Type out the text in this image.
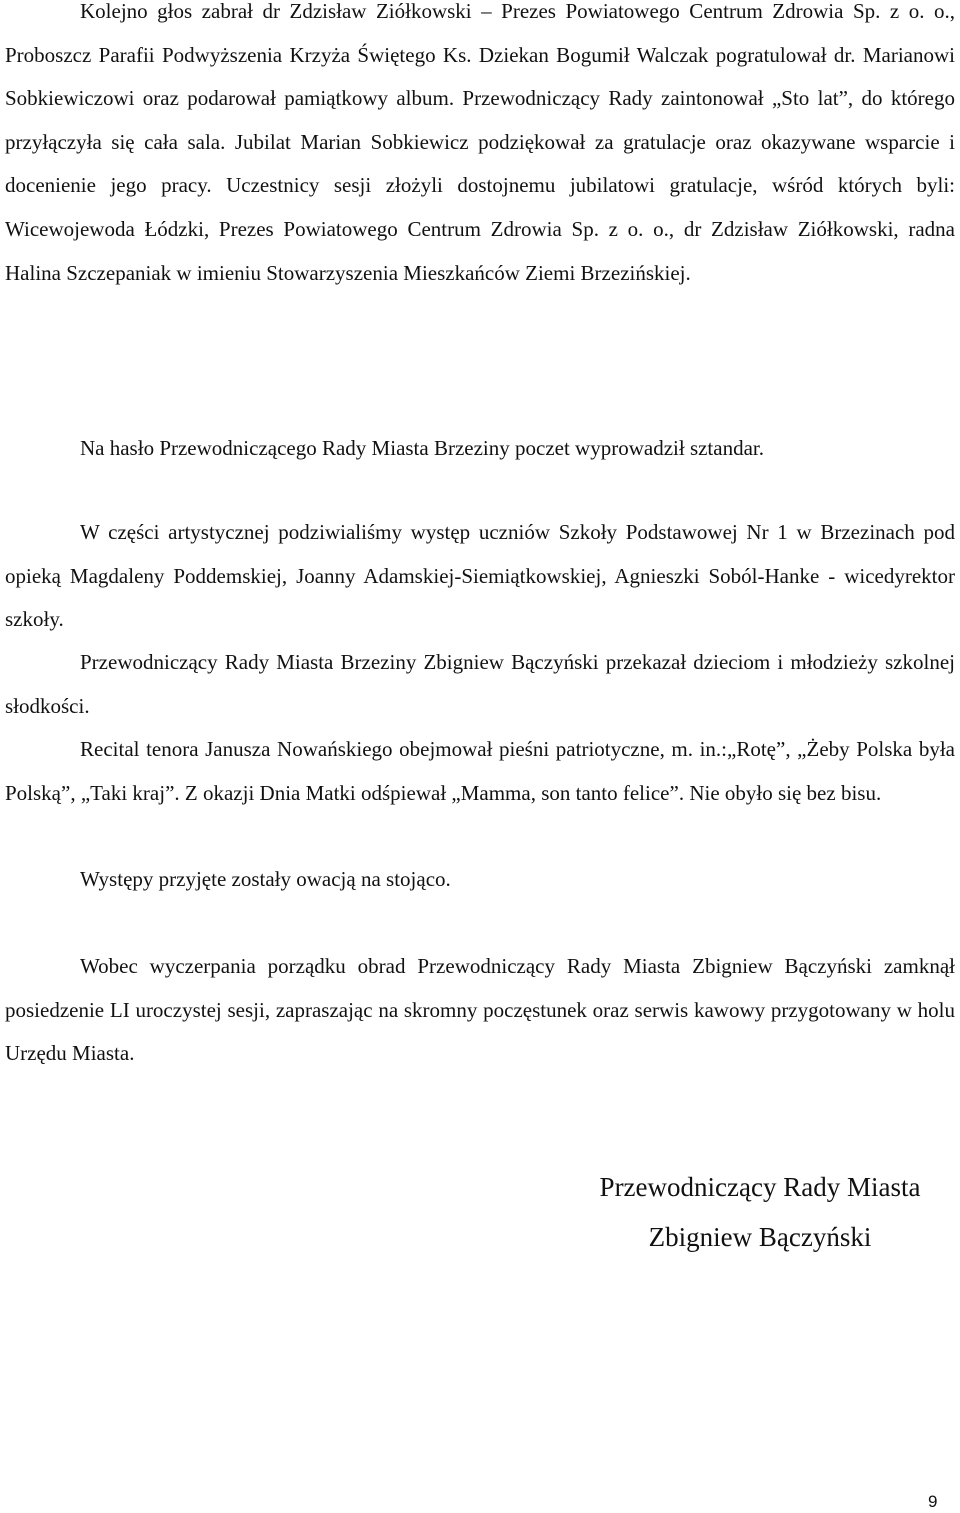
Kolejno głos zabrał dr Zdzisław Ziółkowski – Prezes Powiatowego Centrum Zdrowia Sp. z o. o., Proboszcz Parafii Podwyższenia Krzyża Świętego Ks. Dziekan Bogumił Walczak pogratulował dr. Marianowi Sobkiewiczowi oraz podarował pamiątkowy album. Przewodniczący Rady zaintonował „Sto lat”, do którego przyłączyła się cała sala. Jubilat Marian Sobkiewicz podziękował za gratulacje oraz okazywane wsparcie i docenienie jego pracy. Uczestnicy sesji złożyli dostojnemu jubilatowi gratulacje, wśród których byli: Wicewojewoda Łódzki, Prezes Powiatowego Centrum Zdrowia Sp. z o. o., dr Zdzisław Ziółkowski, radna Halina Szczepaniak w imieniu Stowarzyszenia Mieszkańców Ziemi Brzezińskiej.

Na hasło Przewodniczącego Rady Miasta Brzeziny poczet wyprowadził sztandar.

W części artystycznej podziwialiśmy występ uczniów Szkoły Podstawowej Nr 1 w Brzezinach pod opieką Magdaleny Poddemskiej, Joanny Adamskiej-Siemiątkowskiej, Agnieszki Soból-Hanke - wicedyrektor szkoły.

Przewodniczący Rady Miasta Brzeziny Zbigniew Bączyński przekazał dzieciom i młodzieży szkolnej słodkości.

Recital tenora Janusza Nowańskiego obejmował pieśni patriotyczne, m. in.:„Rotę”, „Żeby Polska była Polską”, „Taki kraj”. Z okazji Dnia Matki odśpiewał „Mamma, son tanto felice”. Nie obyło się bez bisu.

Występy przyjęte zostały owacją na stojąco.

Wobec wyczerpania porządku obrad Przewodniczący Rady Miasta Zbigniew Bączyński zamknął posiedzenie LI uroczystej sesji, zapraszając na skromny poczęstunek oraz serwis kawowy przygotowany w holu Urzędu Miasta.

Przewodniczący Rady Miasta
Zbigniew Bączyński
9
